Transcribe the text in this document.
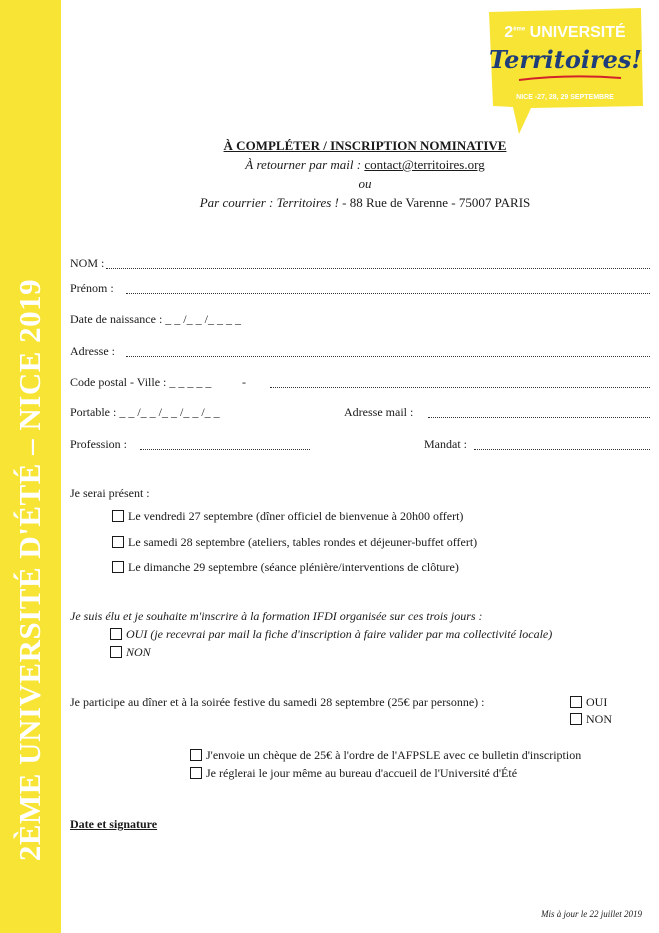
2ÈME UNIVERSITÉ D'ÉTÉ – NICE 2019
2ème UNIVERSITÉ
Territoires!
NICE -27, 28, 29 SEPTEMBRE
À COMPLÉTER / INSCRIPTION NOMINATIVE
À retourner par mail : contact@territoires.org
ou
Par courrier : Territoires ! - 88 Rue de Varenne - 75007 PARIS
NOM :
Prénom :
Date de naissance : _ _ /_ _ /_ _ _ _
Adresse :
Code postal - Ville : _ _ _ _ _	-
Portable : _ _ /_ _ /_ _ /_ _ /_ _	Adresse mail :
Profession :	Mandat :
Je serai présent :
Le vendredi 27 septembre (dîner officiel de bienvenue à 20h00 offert)
Le samedi 28 septembre (ateliers, tables rondes et déjeuner-buffet offert)
Le dimanche 29 septembre (séance plénière/interventions de clôture)
Je suis élu et je souhaite m'inscrire à la formation IFDI organisée sur ces trois jours :
OUI (je recevrai par mail la fiche d'inscription à faire valider par ma collectivité locale)
NON
Je participe au dîner et à la soirée festive du samedi 28 septembre (25€ par personne) :	OUI
NON
J'envoie un chèque de 25€ à l'ordre de l'AFPSLE avec ce bulletin d'inscription
Je réglerai le jour même au bureau d'accueil de l'Université d'Été
Date et signature
Mis à jour le 22 juillet 2019
